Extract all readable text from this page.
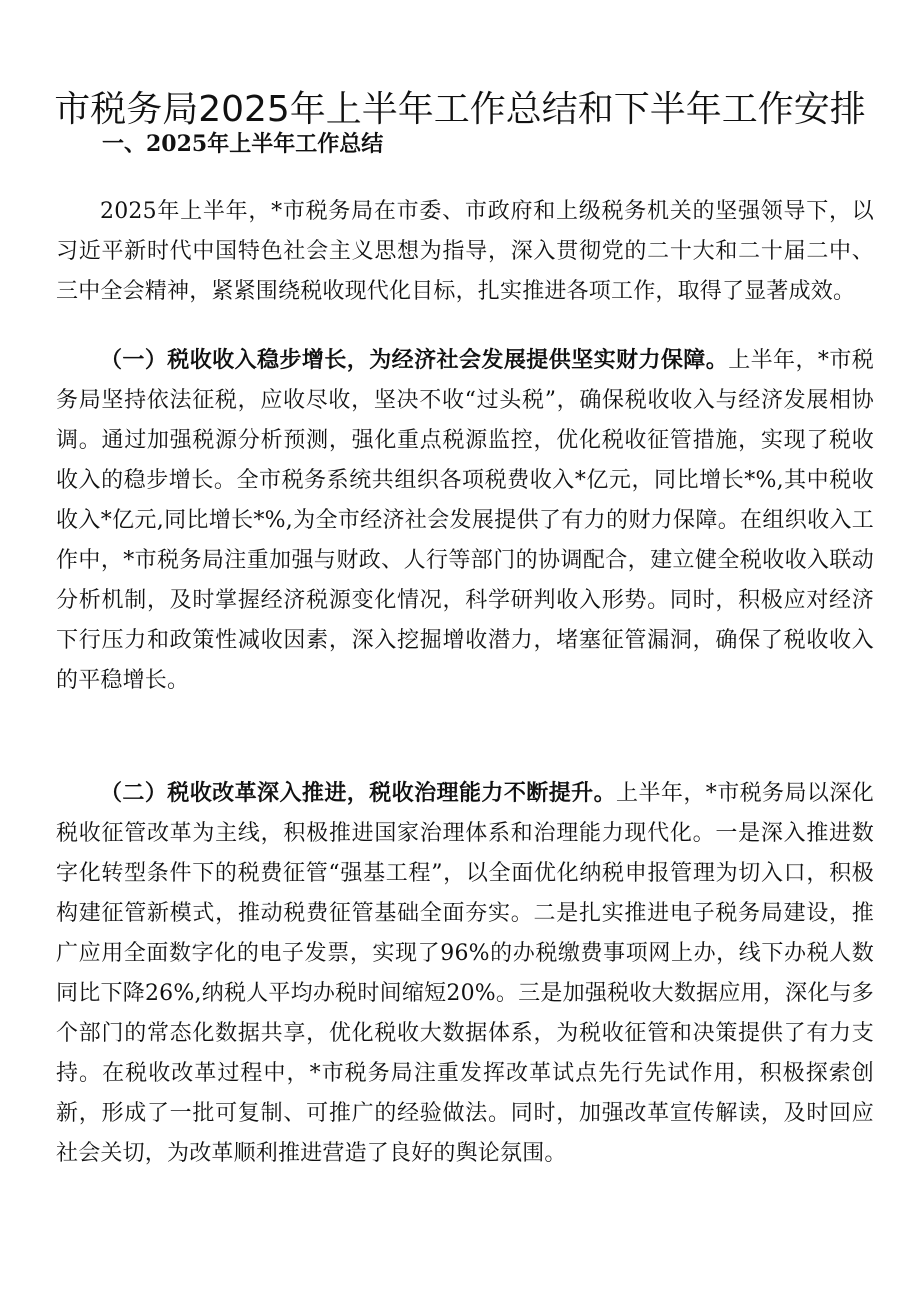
市税务局2025年上半年工作总结和下半年工作安排
一、2025年上半年工作总结

2025年上半年，*市税务局在市委、市政府和上级税务机关的坚强领导下，以习近平新时代中国特色社会主义思想为指导，深入贯彻党的二十大和二十届二中、三中全会精神，紧紧围绕税收现代化目标，扎实推进各项工作，取得了显著成效。

（一）税收收入稳步增长，为经济社会发展提供坚实财力保障。上半年，*市税务局坚持依法征税，应收尽收，坚决不收“过头税”，确保税收收入与经济发展相协调。通过加强税源分析预测，强化重点税源监控，优化税收征管措施，实现了税收收入的稳步增长。全市税务系统共组织各项税费收入*亿元，同比增长*%,其中税收收入*亿元,同比增长*%,为全市经济社会发展提供了有力的财力保障。在组织收入工作中，*市税务局注重加强与财政、人行等部门的协调配合，建立健全税收收入联动分析机制，及时掌握经济税源变化情况，科学研判收入形势。同时，积极应对经济下行压力和政策性减收因素，深入挖掘增收潜力，堵塞征管漏洞，确保了税收收入的平稳增长。

（二）税收改革深入推进，税收治理能力不断提升。上半年，*市税务局以深化税收征管改革为主线，积极推进国家治理体系和治理能力现代化。一是深入推进数字化转型条件下的税费征管“强基工程”，以全面优化纳税申报管理为切入口，积极构建征管新模式，推动税费征管基础全面夯实。二是扎实推进电子税务局建设，推广应用全面数字化的电子发票，实现了96%的办税缴费事项网上办，线下办税人数同比下降26%,纳税人平均办税时间缩短20%。三是加强税收大数据应用，深化与多个部门的常态化数据共享，优化税收大数据体系，为税收征管和决策提供了有力支持。在税收改革过程中，*市税务局注重发挥改革试点先行先试作用，积极探索创新，形成了一批可复制、可推广的经验做法。同时，加强改革宣传解读，及时回应社会关切，为改革顺利推进营造了良好的舆论氛围。
